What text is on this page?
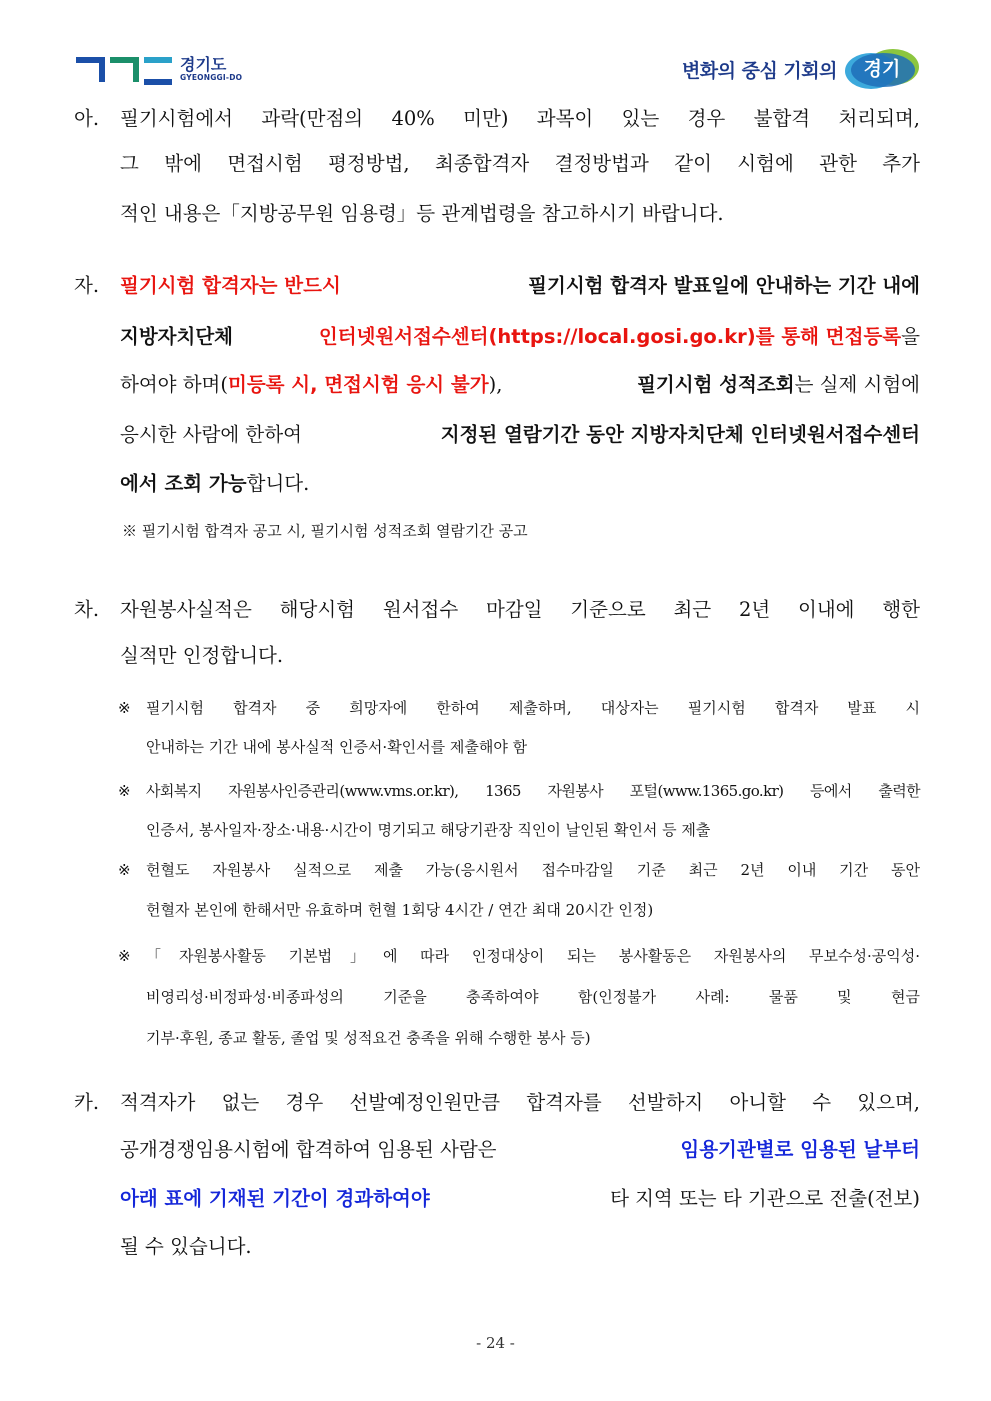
경기도
GYEONGGI-DO	변화의 중심 기회의	경기
아. 필기시험에서 과락(만점의 40% 미만) 과목이 있는 경우 불합격 처리되며,
그 밖에 면접시험 평정방법, 최종합격자 결정방법과 같이 시험에 관한 추가
적인 내용은「지방공무원 임용령」등 관계법령을 참고하시기 바랍니다.
자. 필기시험 합격자는 반드시	필기시험 합격자 발표일에 안내하는 기간 내에
지방자치단체	인터넷원서접수센터(https://local.gosi.go.kr)를 통해 면접등록을
하여야 하며(미등록 시, 면접시험 응시 불가),	필기시험 성적조회는 실제 시험에
응시한 사람에 한하여	지정된 열람기간 동안 지방자치단체 인터넷원서접수센터
에서 조회 가능합니다.
※ 필기시험 합격자 공고 시, 필기시험 성적조회 열람기간 공고
차. 자원봉사실적은 해당시험 원서접수 마감일 기준으로 최근 2년 이내에 행한
실적만 인정합니다.
※ 필기시험 합격자 중 희망자에 한하여 제출하며, 대상자는 필기시험 합격자 발표 시
안내하는 기간 내에 봉사실적 인증서·확인서를 제출해야 함
※ 사회복지 자원봉사인증관리(www.vms.or.kr), 1365 자원봉사 포털(www.1365.go.kr) 등에서 출력한
인증서, 봉사일자·장소·내용·시간이 명기되고 해당기관장 직인이 날인된 확인서 등 제출
※ 헌혈도 자원봉사 실적으로 제출 가능(응시원서 접수마감일 기준 최근 2년 이내 기간 동안
헌혈자 본인에 한해서만 유효하며 헌혈 1회당 4시간 / 연간 최대 20시간 인정)
※ 「자원봉사활동 기본법」에 따라 인정대상이 되는 봉사활동은 자원봉사의 무보수성·공익성·
비영리성·비정파성·비종파성의 기준을 충족하여야 함(인정불가 사례: 물품 및 현금
기부·후원, 종교 활동, 졸업 및 성적요건 충족을 위해 수행한 봉사 등)
카. 적격자가 없는 경우 선발예정인원만큼 합격자를 선발하지 아니할 수 있으며,
공개경쟁임용시험에 합격하여 임용된 사람은	임용기관별로 임용된 날부터
아래 표에 기재된 기간이 경과하여야	타 지역 또는 타 기관으로 전출(전보)
될 수 있습니다.
- 24 -
